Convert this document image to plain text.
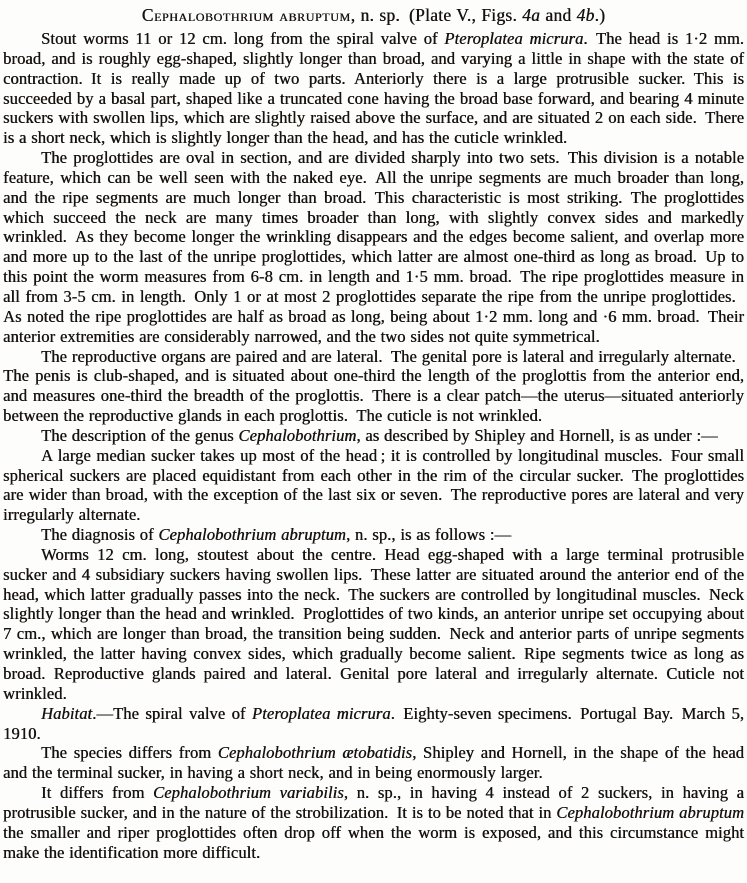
Cephalobothrium abruptum, n. sp. (Plate V., Figs. 4a and 4b.)

Stout worms 11 or 12 cm. long from the spiral valve of Pteroplatea micrura. The head is 1·2 mm. broad, and is roughly egg-shaped, slightly longer than broad, and varying a little in shape with the state of contraction. It is really made up of two parts. Anteriorly there is a large protrusible sucker. This is succeeded by a basal part, shaped like a truncated cone having the broad base forward, and bearing 4 minute suckers with swollen lips, which are slightly raised above the surface, and are situated 2 on each side. There is a short neck, which is slightly longer than the head, and has the cuticle wrinkled.

The proglottides are oval in section, and are divided sharply into two sets. This division is a notable feature, which can be well seen with the naked eye. All the unripe segments are much broader than long, and the ripe segments are much longer than broad. This characteristic is most striking. The proglottides which succeed the neck are many times broader than long, with slightly convex sides and markedly wrinkled. As they become longer the wrinkling disappears and the edges become salient, and overlap more and more up to the last of the unripe proglottides, which latter are almost one-third as long as broad. Up to this point the worm measures from 6-8 cm. in length and 1·5 mm. broad. The ripe proglottides measure in all from 3-5 cm. in length. Only 1 or at most 2 proglottides separate the ripe from the unripe proglottides. As noted the ripe proglottides are half as broad as long, being about 1·2 mm. long and ·6 mm. broad. Their anterior extremities are considerably narrowed, and the two sides not quite symmetrical.

The reproductive organs are paired and are lateral. The genital pore is lateral and irregularly alternate. The penis is club-shaped, and is situated about one-third the length of the proglottis from the anterior end, and measures one-third the breadth of the proglottis. There is a clear patch—the uterus—situated anteriorly between the reproductive glands in each proglottis. The cuticle is not wrinkled.

The description of the genus Cephalobothrium, as described by Shipley and Hornell, is as under :—

A large median sucker takes up most of the head ; it is controlled by longitudinal muscles. Four small spherical suckers are placed equidistant from each other in the rim of the circular sucker. The proglottides are wider than broad, with the exception of the last six or seven. The reproductive pores are lateral and very irregularly alternate.

The diagnosis of Cephalobothrium abruptum, n. sp., is as follows :—

Worms 12 cm. long, stoutest about the centre. Head egg-shaped with a large terminal protrusible sucker and 4 subsidiary suckers having swollen lips. These latter are situated around the anterior end of the head, which latter gradually passes into the neck. The suckers are controlled by longitudinal muscles. Neck slightly longer than the head and wrinkled. Proglottides of two kinds, an anterior unripe set occupying about 7 cm., which are longer than broad, the transition being sudden. Neck and anterior parts of unripe segments wrinkled, the latter having convex sides, which gradually become salient. Ripe segments twice as long as broad. Reproductive glands paired and lateral. Genital pore lateral and irregularly alternate. Cuticle not wrinkled.

Habitat.—The spiral valve of Pteroplatea micrura. Eighty-seven specimens. Portugal Bay. March 5, 1910.

The species differs from Cephalobothrium ætobatidis, Shipley and Hornell, in the shape of the head and the terminal sucker, in having a short neck, and in being enormously larger.

It differs from Cephalobothrium variabilis, n. sp., in having 4 instead of 2 suckers, in having a protrusible sucker, and in the nature of the strobilization. It is to be noted that in Cephalobothrium abruptum the smaller and riper proglottides often drop off when the worm is exposed, and this circumstance might make the identification more difficult.
